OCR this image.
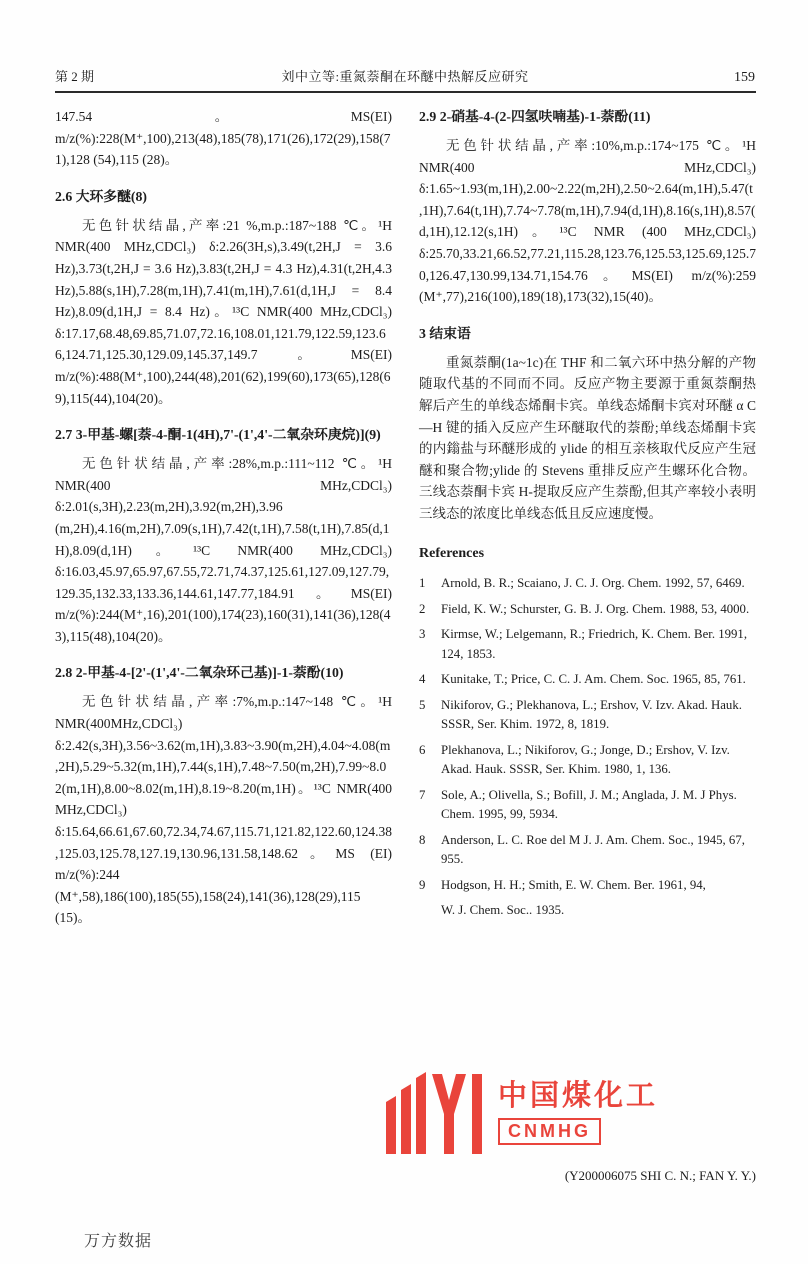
第 2 期	刘中立等:重氮萘酮在环醚中热解反应研究	159

147.54。MS(EI) m/z(%):228(M⁺,100),213(48),185(78),171(26),172(29),158(71),128 (54),115 (28)。

2.6 大环多醚(8)

无色针状结晶,产率:21 %,m.p.:187~188 ℃。¹H NMR(400 MHz,CDCl₃) δ:2.26(3H,s),3.49(t,2H,J = 3.6 Hz),3.73(t,2H,J = 3.6 Hz),3.83(t,2H,J = 4.3 Hz),4.31(t,2H,4.3 Hz),5.88(s,1H),7.28(m,1H),7.41(m,1H),7.61(d,1H,J = 8.4 Hz),8.09(d,1H,J = 8.4 Hz)。¹³C NMR(400 MHz,CDCl₃) δ:17.17,68.48,69.85,71.07,72.16,108.01,121.79,122.59,123.66,124.71,125.30,129.09,145.37,149.7。MS(EI) m/z(%):488(M⁺,100),244(48),201(62),199(60),173(65),128(69),115(44),104(20)。

2.7 3-甲基-螺[萘-4-酮-1(4H),7'-(1',4'-二氧杂环庚烷)](9)

无色针状结晶,产率:28%,m.p.:111~112 ℃。¹H NMR(400 MHz,CDCl₃) δ:2.01(s,3H),2.23(m,2H),3.92(m,2H),3.96 (m,2H),4.16(m,2H),7.09(s,1H),7.42(t,1H),7.58(t,1H),7.85(d,1H),8.09(d,1H)。¹³C NMR(400 MHz,CDCl₃) δ:16.03,45.97,65.97,67.55,72.71,74.37,125.61,127.09,127.79,129.35,132.33,133.36,144.61,147.77,184.91。MS(EI) m/z(%):244(M⁺,16),201(100),174(23),160(31),141(36),128(43),115(48),104(20)。

2.8 2-甲基-4-[2'-(1',4'-二氧杂环己基)]-1-萘酚(10)

无色针状结晶,产率:7%,m.p.:147~148 ℃。¹H NMR(400MHz,CDCl₃) δ:2.42(s,3H),3.56~3.62(m,1H),3.83~3.90(m,2H),4.04~4.08(m,2H),5.29~5.32(m,1H),7.44(s,1H),7.48~7.50(m,2H),7.99~8.02(m,1H),8.00~8.02(m,1H),8.19~8.20(m,1H)。¹³C NMR(400 MHz,CDCl₃) δ:15.64,66.61,67.60,72.34,74.67,115.71,121.82,122.60,124.38,125.03,125.78,127.19,130.96,131.58,148.62。MS (EI) m/z(%):244 (M⁺,58),186(100),185(55),158(24),141(36),128(29),115 (15)。

2.9 2-硝基-4-(2-四氢呋喃基)-1-萘酚(11)

无色针状结晶,产率:10%,m.p.:174~175 ℃。¹H NMR(400 MHz,CDCl₃) δ:1.65~1.93(m,1H),2.00~2.22(m,2H),2.50~2.64(m,1H),5.47(t,1H),7.64(t,1H),7.74~7.78(m,1H),7.94(d,1H),8.16(s,1H),8.57(d,1H),12.12(s,1H)。¹³C NMR (400 MHz,CDCl₃) δ:25.70,33.21,66.52,77.21,115.28,123.76,125.53,125.69,125.70,126.47,130.99,134.71,154.76。MS(EI) m/z(%):259 (M⁺,77),216(100),189(18),173(32),15(40)。

3 结束语

重氮萘酮(1a~1c)在 THF 和二氧六环中热分解的产物随取代基的不同而不同。反应产物主要源于重氮萘酮热解后产生的单线态烯酮卡宾。单线态烯酮卡宾对环醚 α C—H 键的插入反应产生环醚取代的萘酚;单线态烯酮卡宾的内鎓盐与环醚形成的 ylide 的相互亲核取代反应产生冠醚和聚合物;ylide 的 Stevens 重排反应产生螺环化合物。三线态萘酮卡宾 H-提取反应产生萘酚,但其产率较小表明三线态的浓度比单线态低且反应速度慢。

References
1	Arnold, B. R.; Scaiano, J. C. J. Org. Chem. 1992, 57, 6469.
2	Field, K. W.; Schurster, G. B. J. Org. Chem. 1988, 53, 4000.
3	Kirmse, W.; Lelgemann, R.; Friedrich, K. Chem. Ber. 1991, 124, 1853.
4	Kunitake, T.; Price, C. C. J. Am. Chem. Soc. 1965, 85, 761.
5	Nikiforov, G.; Plekhanova, L.; Ershov, V. Izv. Akad. Hauk. SSSR, Ser. Khim. 1972, 8, 1819.
6	Plekhanova, L.; Nikiforov, G.; Jonge, D.; Ershov, V. Izv. Akad. Hauk. SSSR, Ser. Khim. 1980, 1, 136.
7	Sole, A.; Olivella, S.; Bofill, J. M.; Anglada, J. M. J Phys. Chem. 1995, 99, 5934.
8	Anderson, L. C. Roe del M J. J. Am. Chem. Soc., 1945, 67, 955.
9	Hodgson, H. H.; Smith, E. W. Chem. Ber. 1961, 94,
W. J. Chem. Soc.. 1935.
中国煤化工
CNMHG
(Y200006075 SHI C. N.; FAN Y. Y.)
万方数据
